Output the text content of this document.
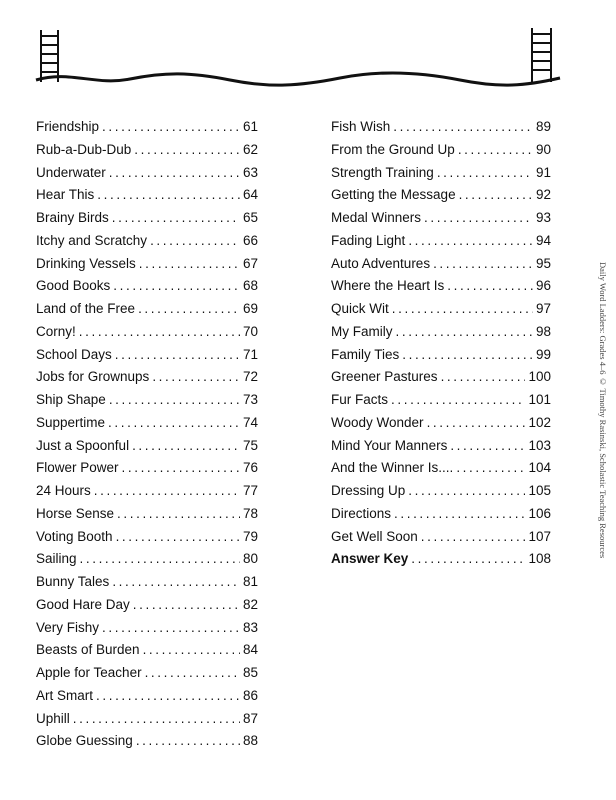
Friendship .....	61
Rub-a-Dub-Dub .....	62
Underwater .....	63
Hear This .....	64
Brainy Birds .....	65
Itchy and Scratchy .....	66
Drinking Vessels .....	67
Good Books .....	68
Land of the Free .....	69
Corny! .....	70
School Days .....	71
Jobs for Grownups .....	72
Ship Shape .....	73
Suppertime .....	74
Just a Spoonful .....	75
Flower Power .....	76
24 Hours .....	77
Horse Sense .....	78
Voting Booth .....	79
Sailing .....	80
Bunny Tales .....	81
Good Hare Day .....	82
Very Fishy .....	83
Beasts of Burden .....	84
Apple for Teacher .....	85
Art Smart .....	86
Uphill .....	87
Globe Guessing .....	88
Fish Wish .....	89
From the Ground Up .....	90
Strength Training .....	91
Getting the Message .....	92
Medal Winners .....	93
Fading Light .....	94
Auto Adventures .....	95
Where the Heart Is .....	96
Quick Wit .....	97
My Family .....	98
Family Ties .....	99
Greener Pastures .....	100
Fur Facts .....	101
Woody Wonder .....	102
Mind Your Manners .....	103
And the Winner Is.... .....	104
Dressing Up .....	105
Directions .....	106
Get Well Soon .....	107
Answer Key .....	108
Daily Word Ladders: Grades 4–6 © Timothy Rasinski, Scholastic Teaching Resources
